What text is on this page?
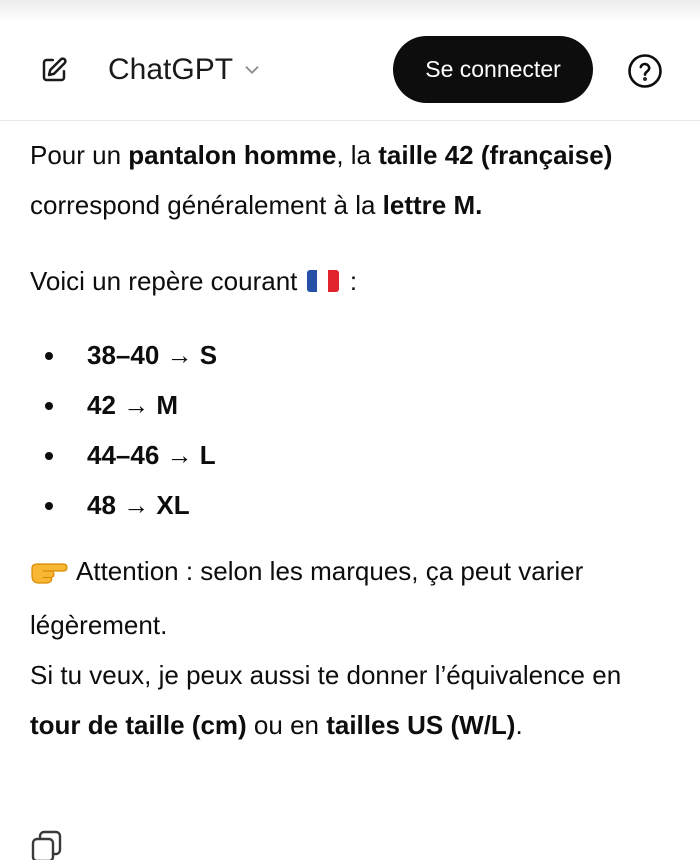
ChatGPT	Se connecter

Pour un pantalon homme, la taille 42 (française) correspond généralement à la lettre M.

Voici un repère courant
:

38–40 → S
42 → M
44–46 → L
48 → XL

Attention : selon les marques, ça peut varier légèrement.

Si tu veux, je peux aussi te donner l’équivalence en tour de taille (cm) ou en tailles US (W/L).
